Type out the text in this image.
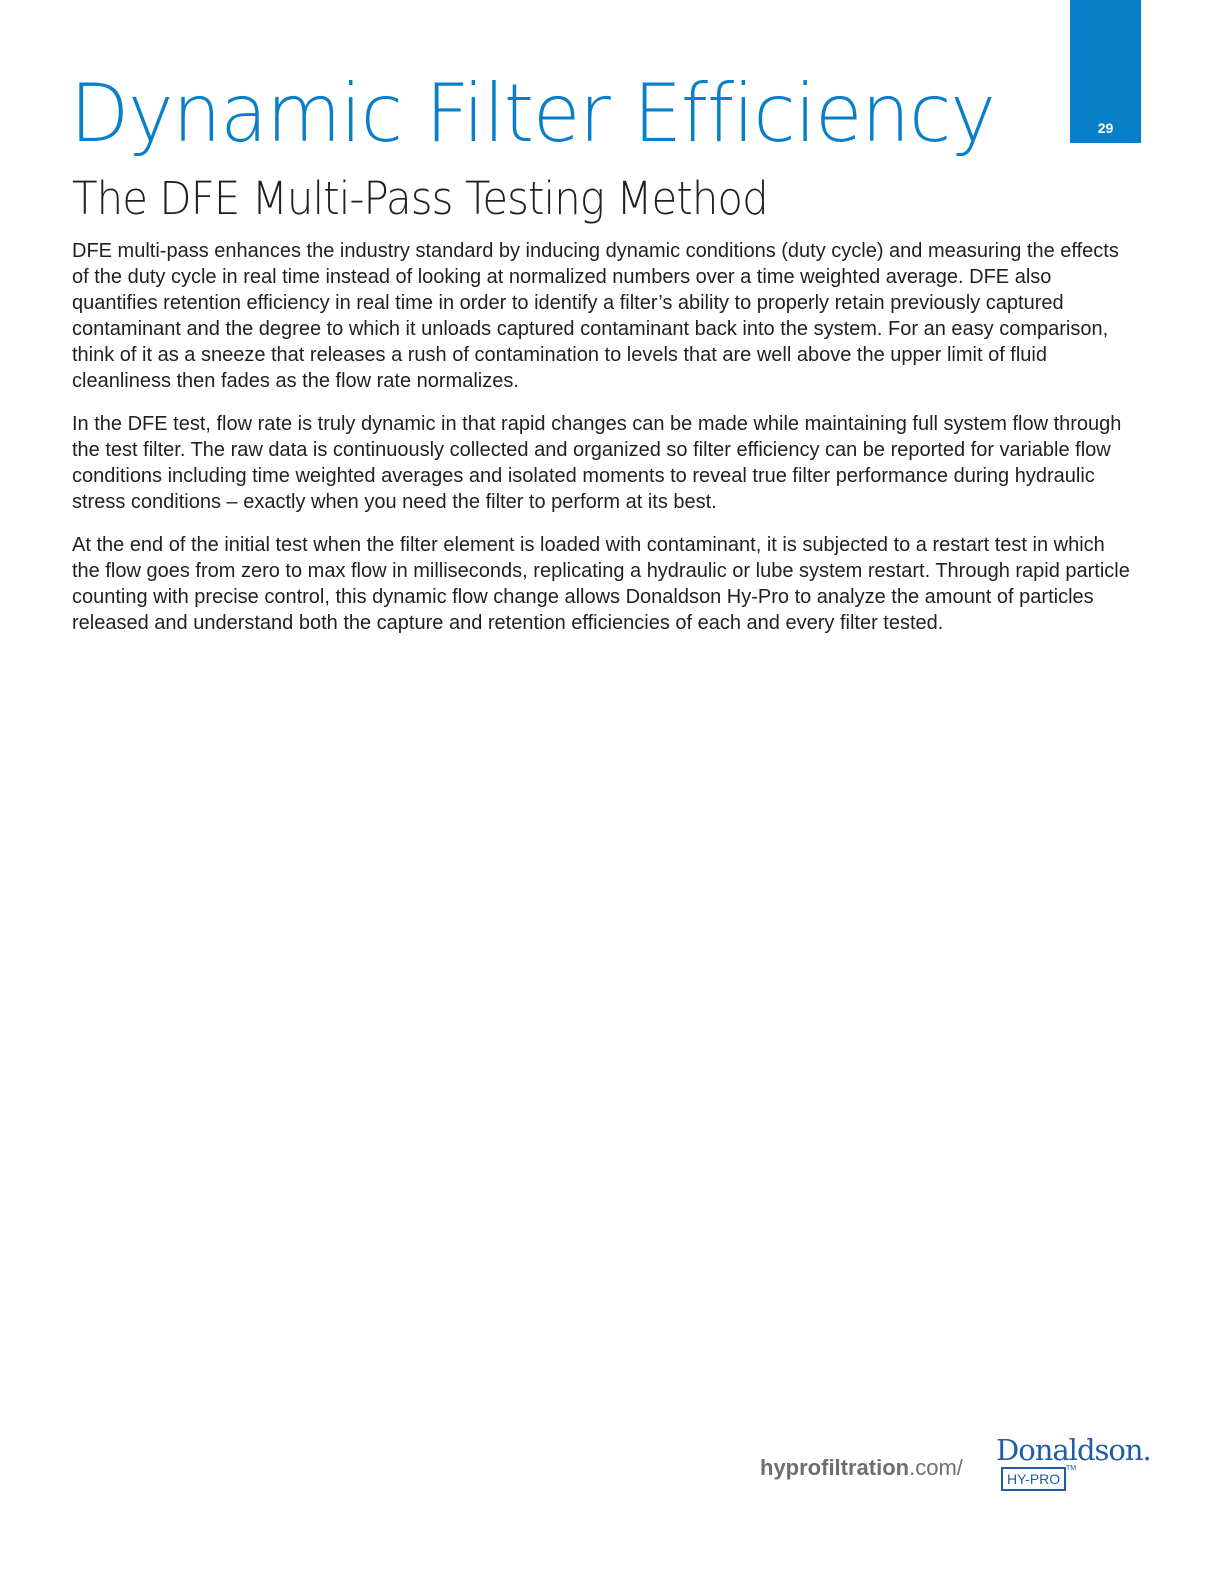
29
Dynamic Filter Efficiency
The DFE Multi-Pass Testing Method

DFE multi-pass enhances the industry standard by inducing dynamic conditions (duty cycle) and measuring the effects of the duty cycle in real time instead of looking at normalized numbers over a time weighted average. DFE also quantifies retention efficiency in real time in order to identify a filter’s ability to properly retain previously captured contaminant and the degree to which it unloads captured contaminant back into the system. For an easy comparison, think of it as a sneeze that releases a rush of contamination to levels that are well above the upper limit of fluid cleanliness then fades as the flow rate normalizes.

In the DFE test, flow rate is truly dynamic in that rapid changes can be made while maintaining full system flow through the test filter. The raw data is continuously collected and organized so filter efficiency can be reported for variable flow conditions including time weighted averages and isolated moments to reveal true filter performance during hydraulic stress conditions – exactly when you need the filter to perform at its best.

At the end of the initial test when the filter element is loaded with contaminant, it is subjected to a restart test in which the flow goes from zero to max flow in milliseconds, replicating a hydraulic or lube system restart. Through rapid particle counting with precise control, this dynamic flow change allows Donaldson Hy-Pro to analyze the amount of particles released and understand both the capture and retention efficiencies of each and every filter tested.

hyprofiltration.com/
Donaldson.
HY-PRO
TM
